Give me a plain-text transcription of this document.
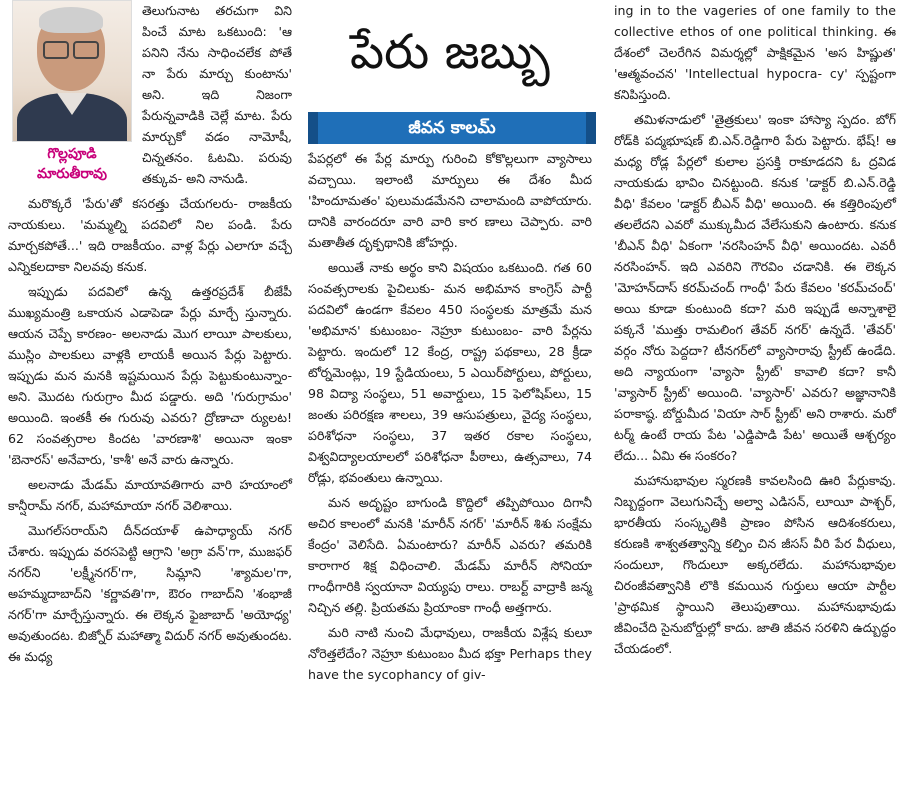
గొల్లపూడి
మారుతీరావు

తెలుగునాట తరచుగా విని పించే మాట ఒకటుంది: 'ఆ పనిని నేను సాధించలేక పోతే నా పేరు మార్చు కుంటాను' అని. ఇది నిజంగా పేరున్నవాడికి చెల్లే మాట. పేరు మార్చుకో వడం నామోషీ, చిన్నతనం. ఓటమి. పరువు తక్కువ- అని నానుడి.

మరొక్కరే 'పేరు'తో కసరత్తు చేయగలరు- రాజకీయ నాయకులు. 'మమ్మల్ని పదవిలో నిల పండి. పేరు మార్చకపోతే...' ఇది రాజకీయం. వాళ్ల పేర్లు ఎలాగూ వచ్చే ఎన్నికలదాకా నిలవవు కనుక.

ఇప్పుడు పదవిలో ఉన్న ఉత్తరప్రదేశ్ బీజేపీ ముఖ్యమంత్రి ఒకాయన ఎడాపెడా పేర్లు మార్చే స్తున్నారు. ఆయన చెప్పే కారణం- అలనాడు మొగ లాయీ పాలకులు, ముస్లిం పాలకులు వాళ్లకి లాయకీ అయిన పేర్లు పెట్టారు. ఇప్పుడు మన మనకి ఇష్టమయిన పేర్లు పెట్టుకుంటున్నాం- అని. మొదట గురుగ్రాం మీద పడ్డారు. అది 'గురుగ్రామం' అయింది. ఇంతకీ ఈ గురువు ఎవరు? ద్రోణాచా ర్యులట! 62 సంవత్సరాల కిందట 'వారణాశి' అయినా ఇంకా 'బెనారస్' అనేవారు, 'కాశీ' అనే వారు ఉన్నారు.

అలనాడు మేడమ్ మాయావతిగారు వారి హయాంలో కాన్షీరామ్ నగర్, మహామాయా నగర్ వెలిశాయి.

మొగల్‌సరాయ్‌ని దీన్‌దయాళ్ ఉపాధ్యాయ్ నగర్ చేశారు. ఇప్పుడు వరసపెట్టి ఆగ్రాని 'అగ్రా వన్'గా, ముజఫర్ నగర్‌ని 'లక్ష్మీనగర్'గా, సిమ్లాని 'శ్యామల'గా, అహమ్మదాబాద్‌ని 'కర్ణావతి'గా, ఔరం గాబాద్‌ని 'శంభాజీ నగర్'గా మార్చేస్తున్నారు. ఈ లెక్కన ఫైజాబాద్ 'అయోధ్య' అవుతుందట. బిజ్నోర్ మహాత్మా విదుర్ నగర్ అవుతుందట. ఈ మధ్య

పేరు జబ్బు
జీవన కాలమ్

పేపర్లలో ఈ పేర్ల మార్పు గురించి కోకొల్లలుగా వ్యాసాలు వచ్చాయి. ఇలాంటి మార్పులు ఈ దేశం మీద 'హిందూమతం' పులుమడమేనని చాలామంది వాపోయారు. దానికి వారందరూ వారి వారి కార ణాలు చెప్పారు. వారి మతాతీత దృక్పథానికి జోహర్లు.

అయితే నాకు అర్థం కాని విషయం ఒకటుంది. గత 60 సంవత్సరాలకు పైచిలుకు- మన అభిమాన కాంగ్రెస్ పార్టీ పదవిలో ఉండగా కేవలం 450 సంస్థలకు మాత్రమే మన 'అభిమాన' కుటుంబం- నెహ్రూ కుటుంబం- వారి పేర్లను పెట్టారు. ఇందులో 12 కేంద్ర, రాష్ట్ర పథకాలు, 28 క్రీడా టోర్నమెంట్లు, 19 స్టేడియంలు, 5 ఎయిర్‌పోర్టులు, పోర్టులు, 98 విద్యా సంస్థలు, 51 అవార్డులు, 15 ఫెలోషిప్‌లు, 15 జంతు పరిరక్షణ శాలలు, 39 ఆసుపత్రులు, వైద్య సంస్థలు, పరిశోధనా సంస్థలు, 37 ఇతర రకాల సంస్థలు, విశ్వవిద్యాలయాలలో పరిశోధనా పీఠాలు, ఉత్సవాలు, 74 రోడ్లు, భవంతులు ఉన్నాయి.

మన అదృష్టం బాగుండి కొద్దిలో తప్పిపోయిం దిగానీ అచిర కాలంలో మనకి 'మారీన్ నగర్' 'మారీన్ శిశు సంక్షేమ కేంద్రం' వెలిసేది. ఏమంటారు? మారీన్ ఎవరు? తమరికి కారాగార శిక్ష విధించాలి. మేడమ్ మారీన్ సోనియా గాంధీగారికి స్వయానా వియ్యపు రాలు. రాబర్ట్ వాద్రాకి జన్మ నిచ్చిన తల్లి. ప్రియతమ ప్రియాంకా గాంధీ అత్తగారు.

మరి నాటి నుంచి మేధావులు, రాజకీయ విశ్లేష కులూ నోరెత్తలేదేం? నెహ్రూ కుటుంబం మీద భక్తా Perhaps they have the sycophancy of giv-

ing in to the vageries of one family to the collective ethos of one political thinking. ఈ దేశంలో చెలరేగిన విమర్శల్లో పాక్షికమైన 'అస హిష్ణుత' 'ఆత్మవంచన' 'Intellectual hypocra- cy' స్పష్టంగా కనిపిస్తుంది.

తమిళనాడులో 'తైత్రకులు' ఇంకా హాస్యా స్పదం. బోగ్ రోడ్‌కి పద్మభూషణ్ బి.ఎన్.రెడ్డిగారి పేరు పెట్టారు. భేష్! ఆ మధ్య రోడ్ల పేర్లలో కులాల ప్రసక్తి రాకూడదని ఓ ద్రవిడ నాయకుడు భావిం చినట్టుంది. కనుక 'డాక్టర్ బి.ఎన్.రెడ్డి వీధి' కేవలం 'డాక్టర్ బీఎన్ వీధి' అయింది. ఈ కత్తిరింపులో తలలేదని ఎవరో ముక్కుమీద వేలేసుకుని ఉంటారు. కనుక 'బీఎన్ వీధి' ఏకంగా 'నరసింహన్ వీధి' అయిందట. ఎవరీ నరసింహన్. ఇది ఎవరిని గౌరవిం చడానికి. ఈ లెక్కన 'మోహన్‌దాస్ కరమ్‌చంద్ గాంధీ' పేరు కేవలం 'కరమ్‌చంద్' అయి కూడా కుంటుంది కదా? మరి ఇప్పుడే అన్నాశాలై పక్కనే 'ముత్తు రామలింగ తేవర్ నగర్' ఉన్నదే. 'తేవర్' వర్గం నోరు పెద్దదా? టీనగర్‌లో వ్యాసారావు స్ట్రీట్ ఉండేది. అది న్యాయంగా 'వ్యాసా స్ట్రీట్' కావాలి కదా? కానీ 'వ్యాసార్ స్ట్రీట్' అయింది. 'వ్యాసార్' ఎవరు? అజ్ఞానానికి పరాకాష్ఠ. బోర్డుమీద 'వియా సార్ స్ట్రీట్' అని రాశారు. మరో టర్మ్ ఉంటే రాయ పేట 'ఎడ్డిపాడి పేట' అయితే ఆశ్చర్యం లేదు... ఏమి ఈ సంకరం?

మహానుభావుల స్మరణకి కావలసింది ఊరి పేర్లుకావు. నిబ్బద్దంగా వెలుగునిచ్చే అల్వా ఎడిసన్, లూయీ పాశ్చర్, భారతీయ సంస్కృతికి ప్రాణం పోసిన ఆదిశంకరులు, కరుణకి శాశ్వతత్వాన్ని కల్పిం చిన జీసస్ వీరి పేర వీధులు, సందులూ, గొందులూ అక్కరలేదు. మహానుభావుల చిరంజీవత్వానికి లొకి కమయిన గుర్తులు ఆయా పార్టీల 'ప్రాథమిక స్థాయిని తెలుపుతాయి. మహానుభావుడు జీవించేది సైనుబోర్డుల్లో కాదు. జాతి జీవన సరళిని ఉద్బుద్ధం చేయడంలో.
